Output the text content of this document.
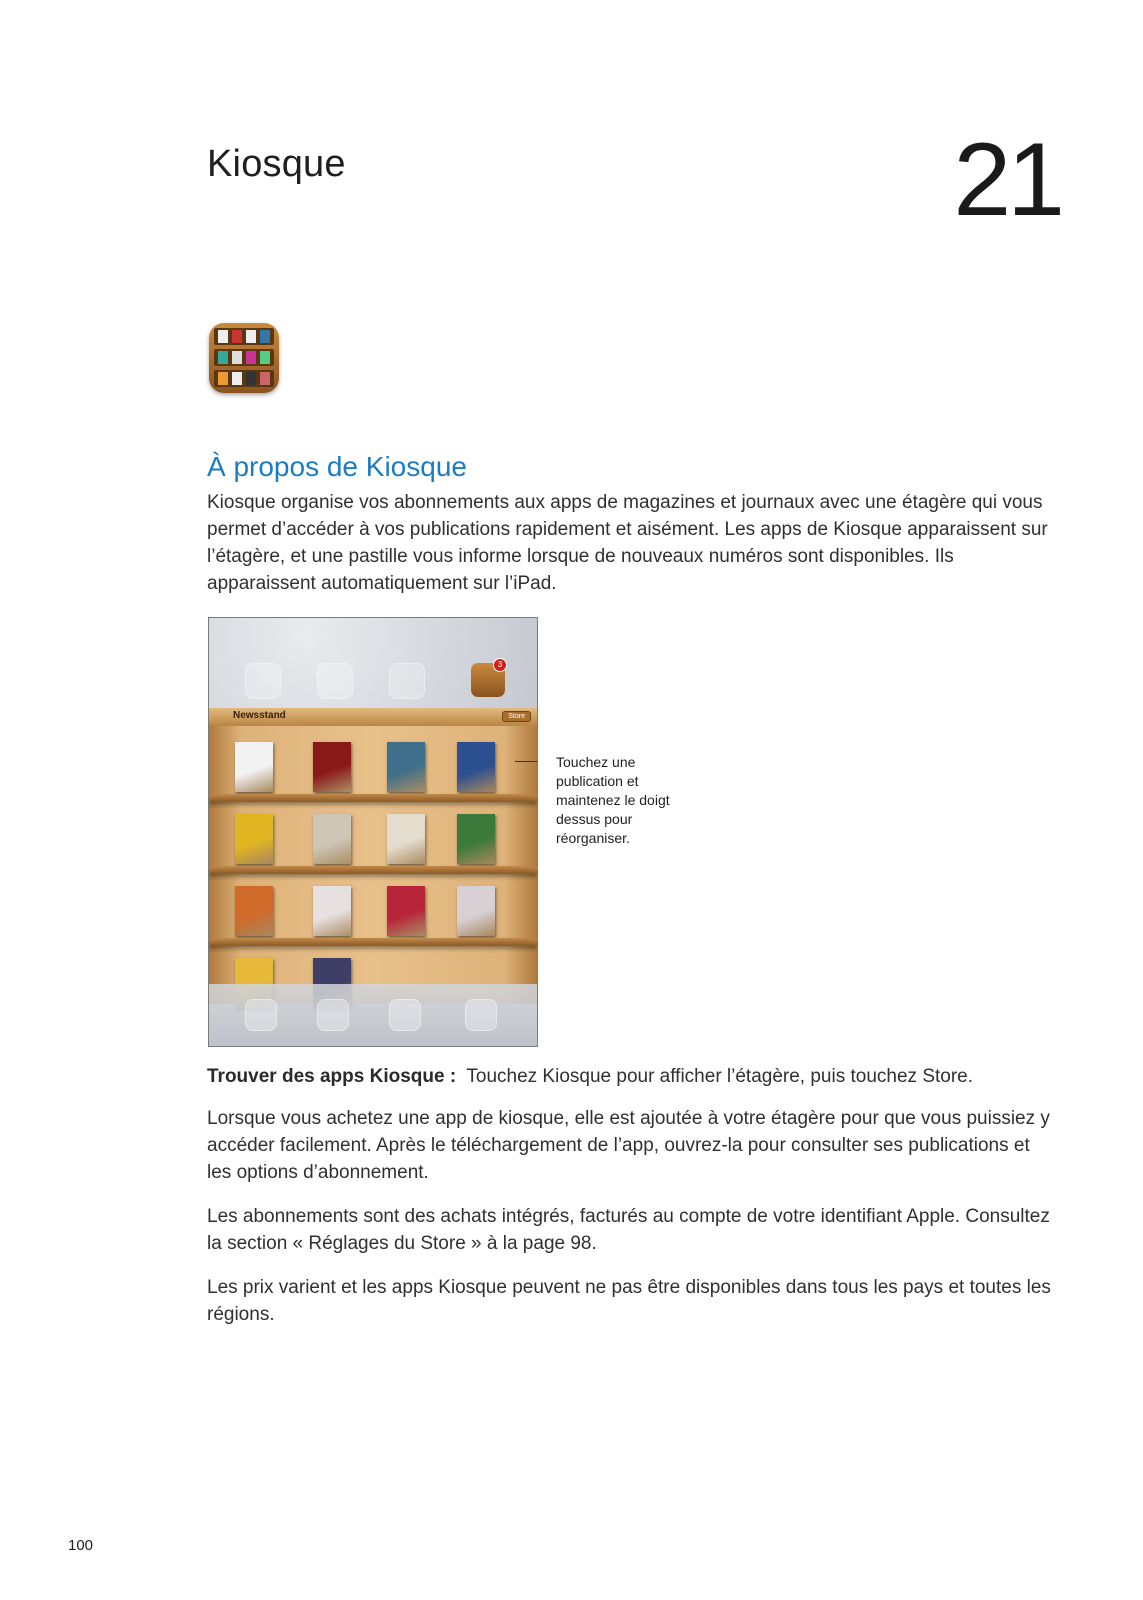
Kiosque	21
À propos de Kiosque
Kiosque organise vos abonnements aux apps de magazines et journaux avec une étagère qui vous permet d’accéder à vos publications rapidement et aisément. Les apps de Kiosque apparaissent sur l’étagère, et une pastille vous informe lorsque de nouveaux numéros sont disponibles. Ils apparaissent automatiquement sur l’iPad.
3
Newsstand	Store
Touchez une publication et maintenez le doigt dessus pour réorganiser.
Trouver des apps Kiosque : Touchez Kiosque pour afficher l’étagère, puis touchez Store.
Lorsque vous achetez une app de kiosque, elle est ajoutée à votre étagère pour que vous puissiez y accéder facilement. Après le téléchargement de l’app, ouvrez-la pour consulter ses publications et les options d’abonnement.
Les abonnements sont des achats intégrés, facturés au compte de votre identifiant Apple. Consultez la section « Réglages du Store » à la page 98.
Les prix varient et les apps Kiosque peuvent ne pas être disponibles dans tous les pays et toutes les régions.
100
